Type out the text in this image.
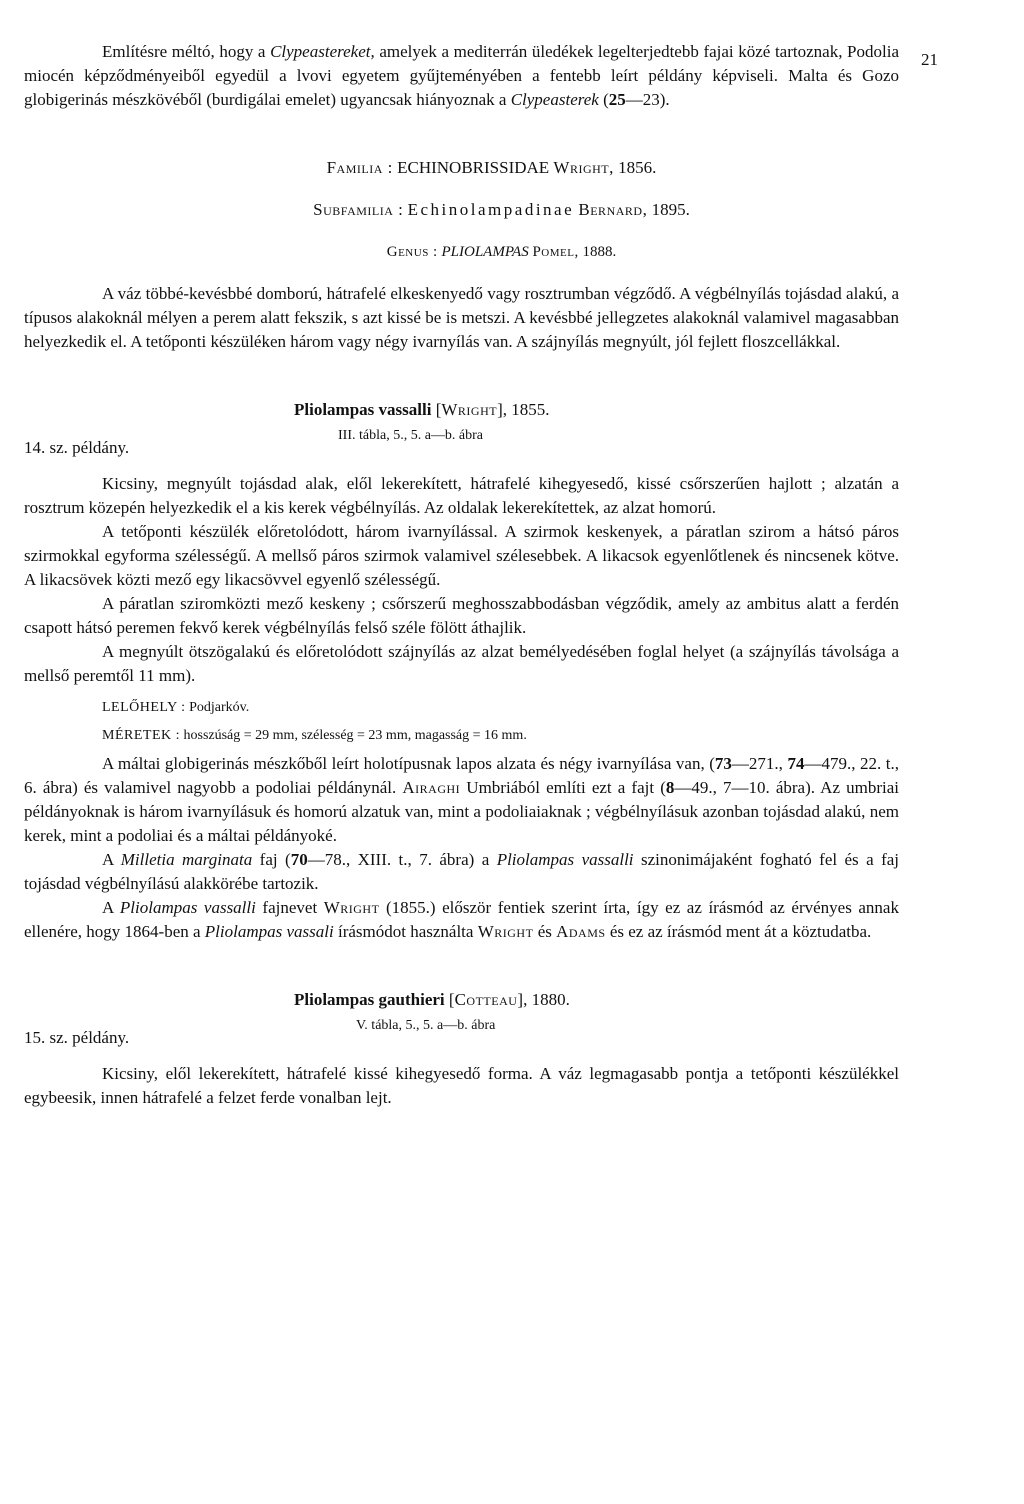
21

Említésre méltó, hogy a Clypeastereket, amelyek a mediterrán üledékek legelterjedtebb fajai közé tartoznak, Podolia miocén képződményeiből egyedül a lvovi egyetem gyűjteményében a fentebb leírt példány képviseli. Malta és Gozo globigerinás mészkövéből (burdigálai emelet) ugyancsak hiányoznak a Clypeasterek (25—23).

Familia : ECHINOBRISSIDAE Wright, 1856.

Subfamilia : Echinolampadinae Bernard, 1895.

Genus : PLIOLAMPAS Pomel, 1888.

A váz többé-kevésbbé domború, hátrafelé elkeskenyedő vagy rosztrumban végződő. A végbélnyílás tojásdad alakú, a típusos alakoknál mélyen a perem alatt fekszik, s azt kissé be is metszi. A kevésbbé jellegzetes alakoknál valamivel magasabban helyezkedik el. A tetőponti készüléken három vagy négy ivarnyílás van. A szájnyílás megnyúlt, jól fejlett floszcellákkal.

Pliolampas vassalli [Wright], 1855.
III. tábla, 5., 5. a—b. ábra
14. sz. példány.

Kicsiny, megnyúlt tojásdad alak, elől lekerekített, hátrafelé kihegyesedő, kissé csőrszerűen hajlott ; alzatán a rosztrum közepén helyezkedik el a kis kerek végbélnyílás. Az oldalak lekerekítettek, az alzat homorú.

A tetőponti készülék előretolódott, három ivarnyílással. A szirmok keskenyek, a páratlan szirom a hátsó páros szirmokkal egyforma szélességű. A mellső páros szirmok valamivel szélesebbek. A likacsok egyenlőtlenek és nincsenek kötve. A likacsövek közti mező egy likacsövvel egyenlő szélességű.

A páratlan sziromközti mező keskeny ; csőrszerű meghosszabbodásban végződik, amely az ambitus alatt a ferdén csapott hátsó peremen fekvő kerek végbélnyílás felső széle fölött áthajlik.

A megnyúlt ötszögalakú és előretolódott szájnyílás az alzat bemélyedésében foglal helyet (a szájnyílás távolsága a mellső peremtől 11 mm).

LELŐHELY : Podjarkóv.

MÉRETEK : hosszúság = 29 mm, szélesség = 23 mm, magasság = 16 mm.

A máltai globigerinás mészkőből leírt holotípusnak lapos alzata és négy ivarnyílása van, (73—271., 74—479., 22. t., 6. ábra) és valamivel nagyobb a podoliai példánynál. Airaghi Umbriából említi ezt a fajt (8—49., 7—10. ábra). Az umbriai példányoknak is három ivarnyílásuk és homorú alzatuk van, mint a podoliaiaknak ; végbélnyílásuk azonban tojásdad alakú, nem kerek, mint a podoliai és a máltai példányoké.

A Milletia marginata faj (70—78., XIII. t., 7. ábra) a Pliolampas vassalli szinonimájaként fogható fel és a faj tojásdad végbélnyílású alakkörébe tartozik.

A Pliolampas vassalli fajnevet Wright (1855.) először fentiek szerint írta, így ez az írásmód az érvényes annak ellenére, hogy 1864-ben a Pliolampas vassali írásmódot használta Wright és Adams és ez az írásmód ment át a köztudatba.

Pliolampas gauthieri [Cotteau], 1880.
V. tábla, 5., 5. a—b. ábra
15. sz. példány.

Kicsiny, elől lekerekített, hátrafelé kissé kihegyesedő forma. A váz legmagasabb pontja a tetőponti készülékkel egybeesik, innen hátrafelé a felzet ferde vonalban lejt.
